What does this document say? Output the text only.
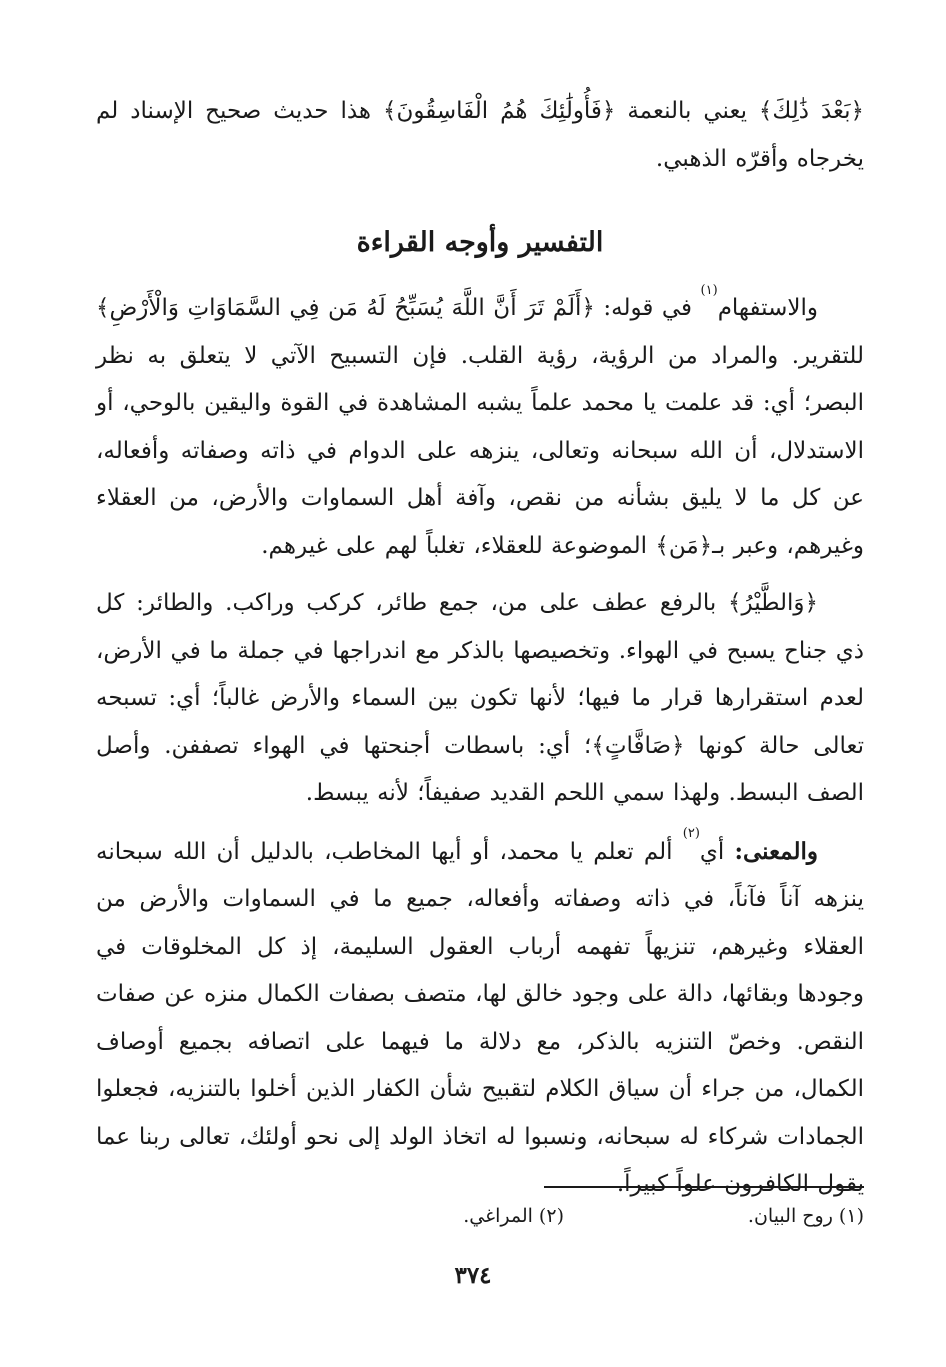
﴿بَعْدَ ذَٰلِكَ﴾ يعني بالنعمة ﴿فَأُولَٰئِكَ هُمُ الْفَاسِقُونَ﴾ هذا حديث صحيح الإسناد لم يخرجاه وأقرّه الذهبي.

التفسير وأوجه القراءة

والاستفهام$^{(١)}$ في قوله: ﴿أَلَمْ تَرَ أَنَّ اللَّهَ يُسَبِّحُ لَهُ مَن فِي السَّمَاوَاتِ وَالْأَرْضِ﴾ للتقرير. والمراد من الرؤية، رؤية القلب. فإن التسبيح الآتي لا يتعلق به نظر البصر؛ أي: قد علمت يا محمد علماً يشبه المشاهدة في القوة واليقين بالوحي، أو الاستدلال، أن الله سبحانه وتعالى، ينزهه على الدوام في ذاته وصفاته وأفعاله، عن كل ما لا يليق بشأنه من نقص، وآفة أهل السماوات والأرض، من العقلاء وغيرهم، وعبر بـ﴿مَن﴾ الموضوعة للعقلاء، تغلباً لهم على غيرهم.

﴿وَالطَّيْرُ﴾ بالرفع عطف على من، جمع طائر، كركب وراكب. والطائر: كل ذي جناح يسبح في الهواء. وتخصيصها بالذكر مع اندراجها في جملة ما في الأرض، لعدم استقرارها قرار ما فيها؛ لأنها تكون بين السماء والأرض غالباً؛ أي: تسبحه تعالى حالة كونها ﴿صَافَّاتٍ﴾؛ أي: باسطات أجنحتها في الهواء تصففن. وأصل الصف البسط. ولهذا سمي اللحم القديد صفيفاً؛ لأنه يبسط.

والمعنى: أي$^{(٢)}$ ألم تعلم يا محمد، أو أيها المخاطب، بالدليل أن الله سبحانه ينزهه آناً فآناً، في ذاته وصفاته وأفعاله، جميع ما في السماوات والأرض من العقلاء وغيرهم، تنزيهاً تفهمه أرباب العقول السليمة، إذ كل المخلوقات في وجودها وبقائها، دالة على وجود خالق لها، متصف بصفات الكمال منزه عن صفات النقص. وخصّ التنزيه بالذكر، مع دلالة ما فيهما على اتصافه بجميع أوصاف الكمال، من جراء أن سياق الكلام لتقبيح شأن الكفار الذين أخلوا بالتنزيه، فجعلوا الجمادات شركاء له سبحانه، ونسبوا له اتخاذ الولد إلى نحو أولئك، تعالى ربنا عما يقول الكافرون علواً كبيراً.

(١) روح البيان.
(٢) المراغي.
٣٧٤
